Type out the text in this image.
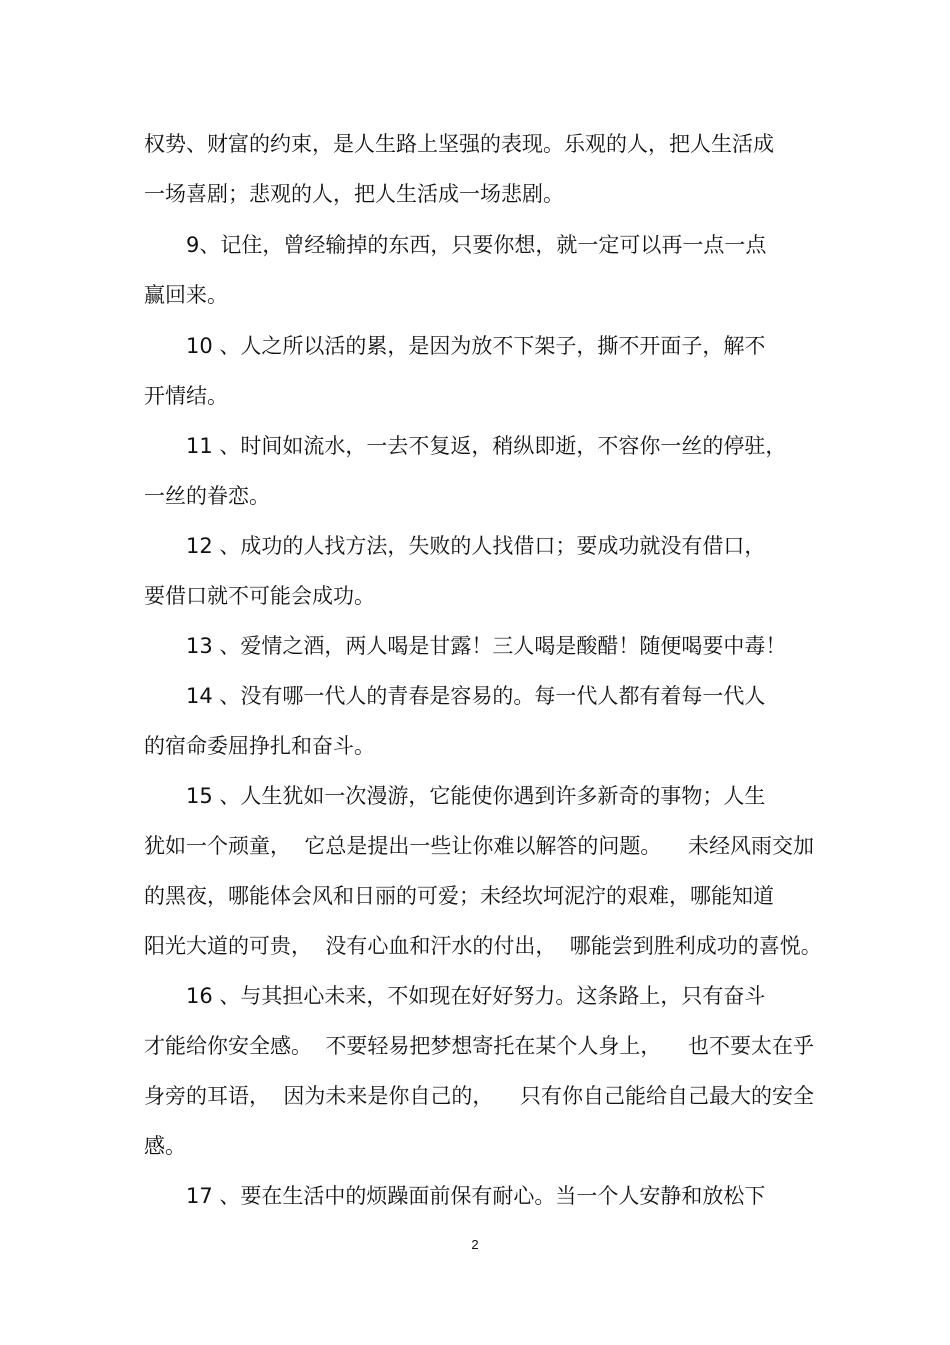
权势、财富的约束，是人生路上坚强的表现。乐观的人，把人生活成

一场喜剧；悲观的人，把人生活成一场悲剧。

9、记住，曾经输掉的东西，只要你想，就一定可以再一点一点

赢回来。

10 、人之所以活的累，是因为放不下架子，撕不开面子，解不

开情结。

11 、时间如流水，一去不复返，稍纵即逝，不容你一丝的停驻，

一丝的眷恋。

12 、成功的人找方法，失败的人找借口；要成功就没有借口，

要借口就不可能会成功。

13 、爱情之酒，两人喝是甘露！三人喝是酸醋！随便喝要中毒！

14 、没有哪一代人的青春是容易的。每一代人都有着每一代人

的宿命委屈挣扎和奋斗。

15 、人生犹如一次漫游，它能使你遇到许多新奇的事物；人生

犹如一个顽童，  它总是提出一些让你难以解答的问题。    未经风雨交加

的黑夜，哪能体会风和日丽的可爱；未经坎坷泥泞的艰难，哪能知道

阳光大道的可贵，  没有心血和汗水的付出，  哪能尝到胜利成功的喜悦。

16 、与其担心未来，不如现在好好努力。这条路上，只有奋斗

才能给你安全感。  不要轻易把梦想寄托在某个人身上，    也不要太在乎

身旁的耳语，  因为未来是你自己的，    只有你自己能给自己最大的安全

感。

17 、要在生活中的烦躁面前保有耐心。当一个人安静和放松下

2
